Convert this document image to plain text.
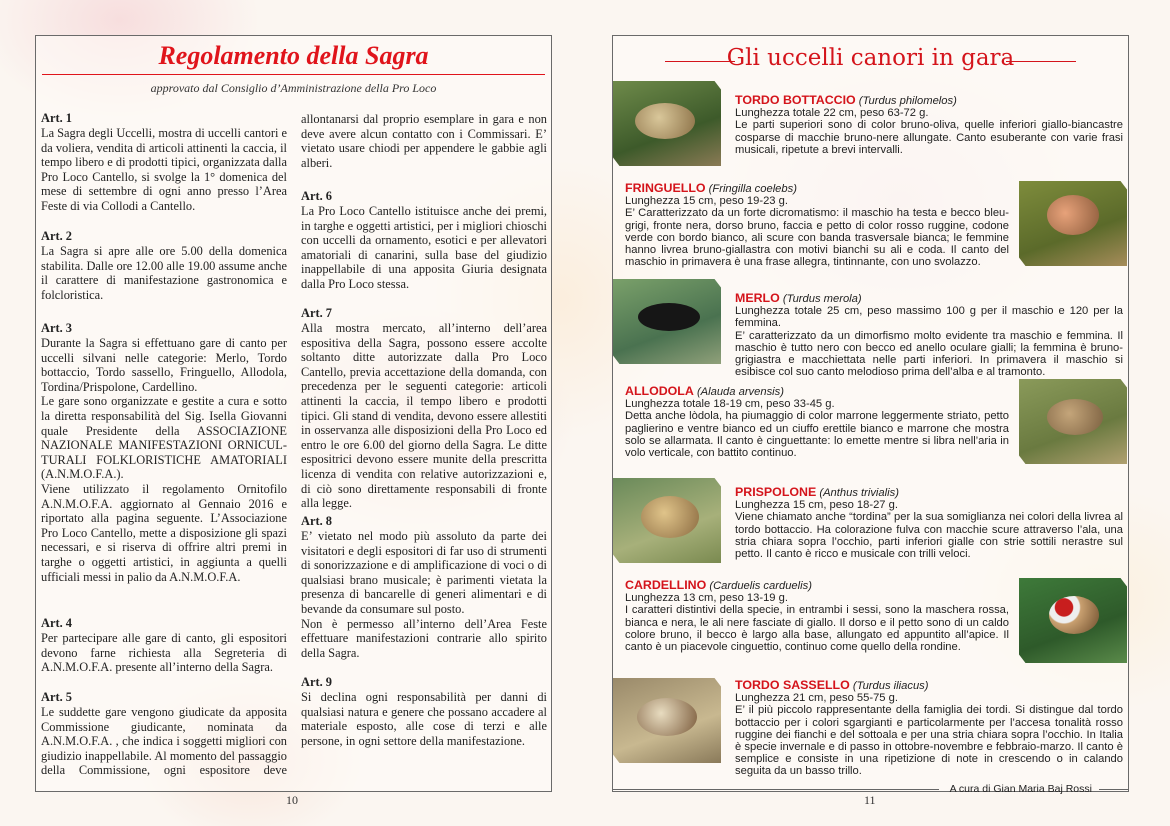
Regolamento della Sagra
approvato dal Consiglio d’Amministrazione della Pro Loco
Art. 1

La Sagra degli Uccelli, mostra di uccelli cantori e da voliera, vendita di articoli attinenti la caccia, il tempo libero e di prodotti tipici, organizzata dalla Pro Loco Cantello, si svolge la 1° domenica del mese di settembre di ogni anno presso l’Area Feste di via Collodi a Cantello.

Art. 2

La Sagra si apre alle ore 5.00 della domenica stabilita. Dalle ore 12.00 alle 19.00 assume anche il carattere di manifestazione gastronomica e folcloristica.

Art. 3

Durante la Sagra si effettuano gare di canto per uccelli silvani nelle categorie: Merlo, Tordo bottaccio, Tordo sassello, Fringuello, Allodola, Tordina/Prispolone, Cardellino.

Le gare sono organizzate e gestite a cura e sotto la diretta responsabilità del Sig. Isella Giovanni quale Presidente della ASSOCIAZIONE NAZIONALE MANIFESTAZIONI ORNICUL-TURALI FOLKLORISTICHE AMATORIALI (A.N.M.O.F.A.).

Viene utilizzato il regolamento Ornitofilo A.N.M.O.F.A. aggiornato al Gennaio 2016 e riportato alla pagina seguente. L’Associazione Pro Loco Cantello, mette a disposizione gli spazi necessari, e si riserva di offrire altri premi in targhe o oggetti artistici, in aggiunta a quelli ufficiali messi in palio da A.N.M.O.F.A.

Art. 4

Per partecipare alle gare di canto, gli espositori devono farne richiesta alla Segreteria di A.N.M.O.F.A. presente all’interno della Sagra.

Art. 5

Le suddette gare vengono giudicate da apposita Commissione giudicante, nominata da A.N.M.O.F.A. , che indica i soggetti migliori con giudizio inappellabile. Al momento del passaggio della Commissione, ogni espositore deve

allontanarsi dal proprio esemplare in gara e non deve avere alcun contatto con i Commissari. E’ vietato usare chiodi per appendere le gabbie agli alberi.

Art. 6

La Pro Loco Cantello istituisce anche dei premi, in targhe e oggetti artistici, per i migliori chioschi con uccelli da ornamento, esotici e per allevatori amatoriali di canarini, sulla base del giudizio inappellabile di una apposita Giuria designata dalla Pro Loco stessa.

Art. 7

Alla mostra mercato, all’interno dell’area espositiva della Sagra, possono essere accolte soltanto ditte autorizzate dalla Pro Loco Cantello, previa accettazione della domanda, con precedenza per le seguenti categorie: articoli attinenti la caccia, il tempo libero e prodotti tipici. Gli stand di vendita, devono essere allestiti in osservanza alle disposizioni della Pro Loco ed entro le ore 6.00 del giorno della Sagra. Le ditte espositrici devono essere munite della prescritta licenza di vendita con relative autorizzazioni e, di ciò sono direttamente responsabili di fronte alla legge.

Art. 8

E’ vietato nel modo più assoluto da parte dei visitatori e degli espositori di far uso di strumenti di sonorizzazione e di amplificazione di voci o di qualsiasi brano musicale; è parimenti vietata la presenza di bancarelle di generi alimentari e di bevande da consumare sul posto.

Non è permesso all’interno dell’Area Feste effettuare manifestazioni contrarie allo spirito della Sagra.

Art. 9

Si declina ogni responsabilità per danni di qualsiasi natura e genere che possano accadere al materiale esposto, alle cose di terzi e alle persone, in ogni settore della manifestazione.

10
Gli uccelli canori in gara
TORDO BOTTACCIO (Turdus philomelos)
Lunghezza totale 22 cm, peso 63-72 g.
Le parti superiori sono di color bruno-oliva, quelle inferiori giallo-biancastre cosparse di macchie bruno-nere allungate. Canto esuberante con varie frasi musicali, ripetute a brevi intervalli.
FRINGUELLO (Fringilla coelebs)
Lunghezza 15 cm, peso 19-23 g.
E’ Caratterizzato da un forte dicromatismo: il maschio ha testa e becco bleu-grigi, fronte nera, dorso bruno, faccia e petto di color rosso ruggine, codone verde con bordo bianco, ali scure con banda trasversale bianca; le femmine hanno livrea bruno-giallastra con motivi bianchi su ali e coda. Il canto del maschio in primavera è una frase allegra, tintinnante, con uno svolazzo.
MERLO (Turdus merola)
Lunghezza totale 25 cm, peso massimo 100 g per il maschio e 120 per la femmina.
E’ caratterizzato da un dimorfismo molto evidente tra maschio e femmina. Il maschio è tutto nero con becco ed anello oculare gialli; la femmina è bruno-grigiastra e macchiettata nelle parti inferiori. In primavera il maschio si esibisce col suo canto melodioso prima dell’alba e al tramonto.
ALLODOLA (Alauda arvensis)
Lunghezza totale 18-19 cm, peso 33-45 g.
Detta anche lòdola, ha piumaggio di color marrone leggermente striato, petto paglierino e ventre bianco ed un ciuffo erettile bianco e marrone che mostra solo se allarmata. Il canto è cinguettante: lo emette mentre si libra nell’aria in volo verticale, con battito continuo.
PRISPOLONE (Anthus trivialis)
Lunghezza 15 cm, peso 18-27 g.
Viene chiamato anche “tordina” per la sua somiglianza nei colori della livrea al tordo bottaccio. Ha colorazione fulva con macchie scure attraverso l’ala, una stria chiara sopra l’occhio, parti inferiori gialle con strie sottili nerastre sul petto. Il canto è ricco e musicale con trilli veloci.
CARDELLINO (Carduelis carduelis)
Lunghezza 13 cm, peso 13-19 g.
I caratteri distintivi della specie, in entrambi i sessi, sono la maschera rossa, bianca e nera, le ali nere fasciate di giallo. Il dorso e il petto sono di un caldo colore bruno, il becco è largo alla base, allungato ed appuntito all’apice. Il canto è un piacevole cinguettio, continuo come quello della rondine.
TORDO SASSELLO (Turdus iliacus)
Lunghezza 21 cm, peso 55-75 g.
E’ il più piccolo rappresentante della famiglia dei tordi. Si distingue dal tordo bottaccio per i colori sgargianti e particolarmente per l’accesa tonalità rosso ruggine dei fianchi e del sottoala e per una stria chiara sopra l’occhio. In Italia è specie invernale e di passo in ottobre-novembre e febbraio-marzo. Il canto è semplice e consiste in una ripetizione di note in crescendo o in calando seguita da un basso trillo.
A cura di Gian Maria Baj Rossi
11
